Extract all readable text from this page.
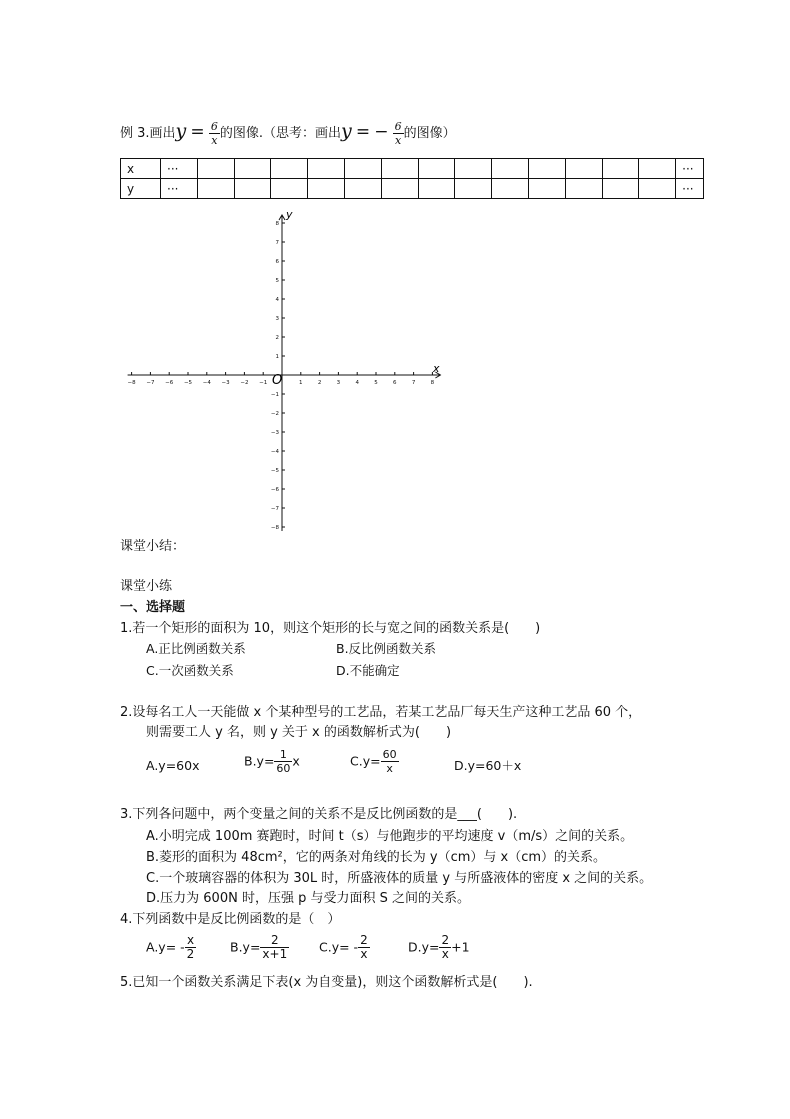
例 3.画出$y = \frac{6}{x}$ 的图像.（思考：画出y = − $\frac{6}{x}$ 的图像）
x	···														···
y	···														···
−8
−8
−7
−7
−6
−6
−5
−5
−4
−4
−3
−3
−2
−2
−1
−1
1
1
2
2
3
3
4
4
5
5
6
6
7
7
8
8
x
y
O
课堂小结：
课堂小练
一、选择题
1.若一个矩形的面积为 10，则这个矩形的长与宽之间的函数关系是(　　)
A.正比例函数关系	B.反比例函数关系
C.一次函数关系	D.不能确定
2.设每名工人一天能做 x 个某种型号的工艺品，若某工艺品厂每天生产这种工艺品 60 个，
则需要工人 y 名，则 y 关于 x 的函数解析式为(　　)
A.y=60x	$B.y= \frac{1}{60}$ x	$C.y= \frac{60}{x}$	D.y=60＋x
3.下列各问题中，两个变量之间的关系不是反比例函数的是___(　　).
A.小明完成 100m 赛跑时，时间 t（s）与他跑步的平均速度 v（m/s）之间的关系。
B.菱形的面积为 48cm²，它的两条对角线的长为 y（cm）与 x（cm）的关系。
C.一个玻璃容器的体积为 30L 时，所盛液体的质量 y 与所盛液体的密度 x 之间的关系。
D.压力为 600N 时，压强 p 与受力面积 S 之间的关系。
4.下列函数中是反比例函数的是（　）
$A.y= - \frac{x}{2}$	$B.y= \frac{2}{x+1} C.y= - \frac{2}{x}$	$D.y= \frac{2}{x} +1$
5.已知一个函数关系满足下表(x 为自变量)，则这个函数解析式是(　　).
